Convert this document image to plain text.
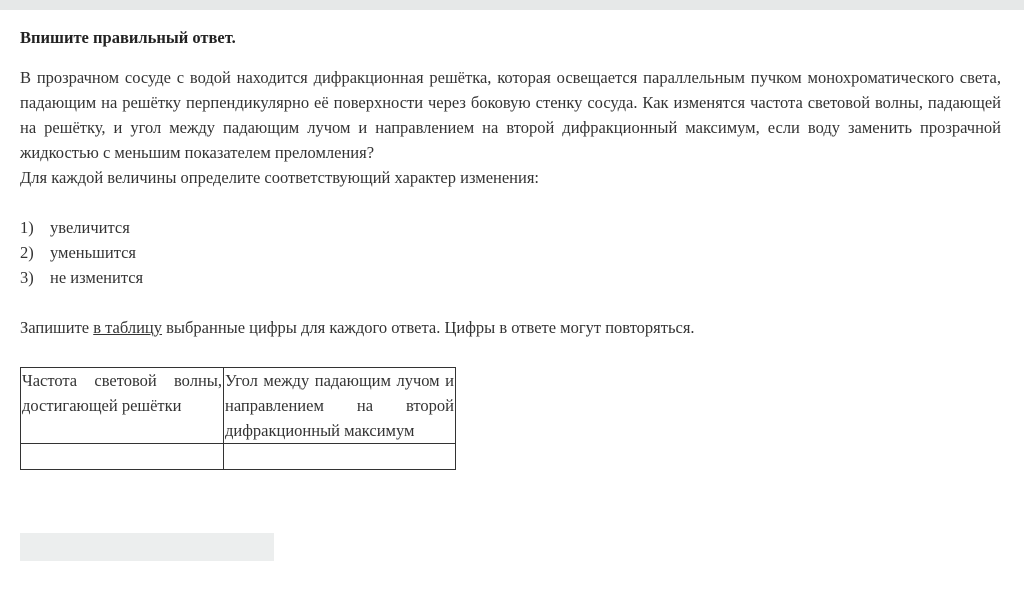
Впишите правильный ответ.

В прозрачном сосуде с водой находится дифракционная решётка, которая освещается параллельным пучком монохроматического света, падающим на решётку перпендикулярно её поверхности через боковую стенку сосуда. Как изменятся частота световой волны, падающей на решётку, и угол между падающим лучом и направлением на второй дифракционный максимум, если воду заменить прозрачной жидкостью с меньшим показателем преломления?

Для каждой величины определите соответствующий характер изменения:

1) увеличится
2) уменьшится
3) не изменится

Запишите в таблицу выбранные цифры для каждого ответа. Цифры в ответе могут повторяться.

Частота световой волны, достигающей решётки	Угол между падающим лучом и направлением на второй дифракционный максимум
